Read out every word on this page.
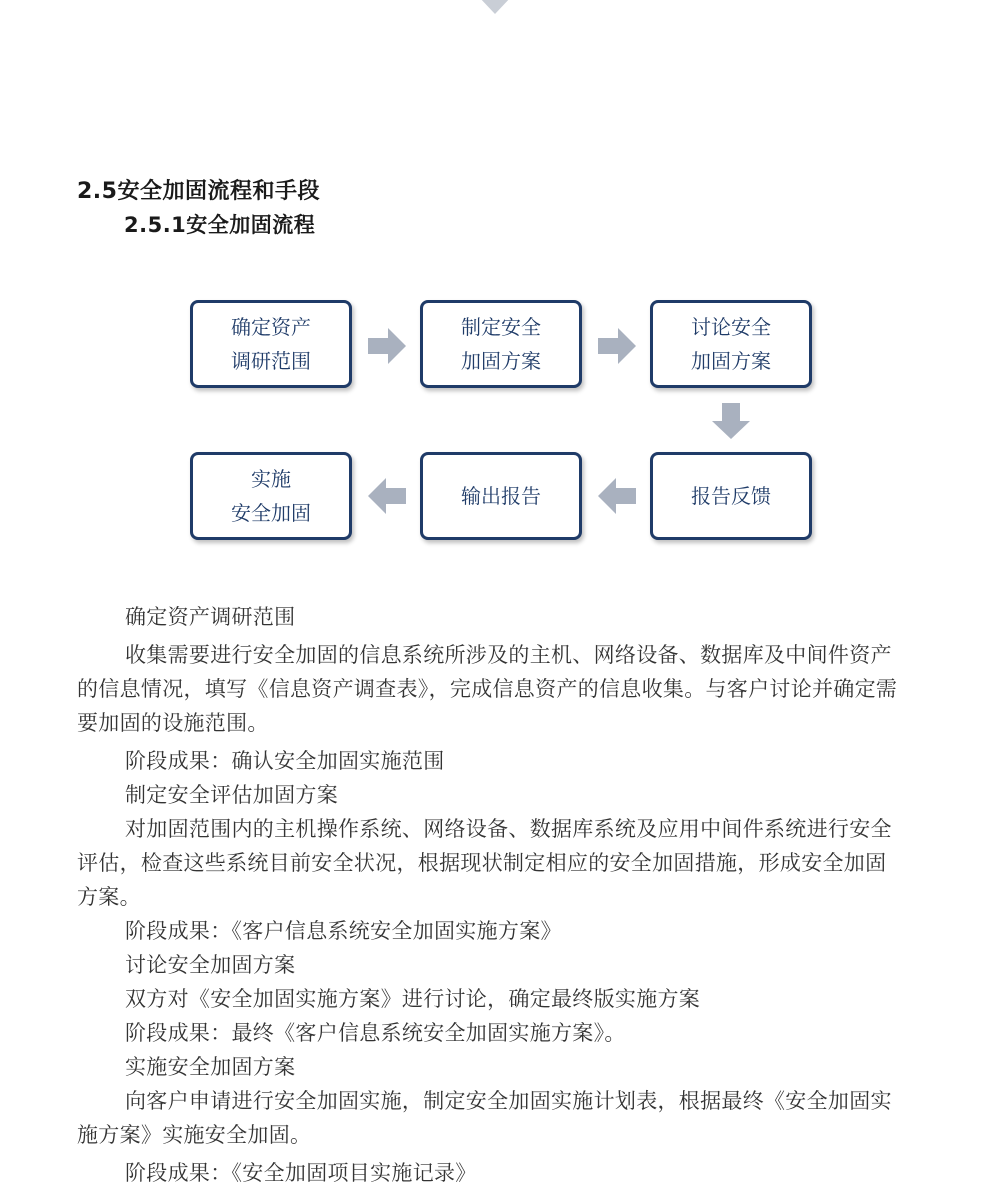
2.5安全加固流程和手段
2.5.1安全加固流程
确定资产
调研范围
制定安全
加固方案
讨论安全
加固方案
报告反馈
输出报告
实施
安全加固

确定资产调研范围

收集需要进行安全加固的信息系统所涉及的主机、网络设备、数据库及中间件资产的信息情况，填写《信息资产调查表》，完成信息资产的信息收集。与客户讨论并确定需要加固的设施范围。

阶段成果：确认安全加固实施范围

制定安全评估加固方案

对加固范围内的主机操作系统、网络设备、数据库系统及应用中间件系统进行安全评估，检查这些系统目前安全状况，根据现状制定相应的安全加固措施，形成安全加固方案。

阶段成果：《客户信息系统安全加固实施方案》

讨论安全加固方案

双方对《安全加固实施方案》进行讨论，确定最终版实施方案

阶段成果：最终《客户信息系统安全加固实施方案》。

实施安全加固方案

向客户申请进行安全加固实施，制定安全加固实施计划表，根据最终《安全加固实施方案》实施安全加固。

阶段成果：《安全加固项目实施记录》
